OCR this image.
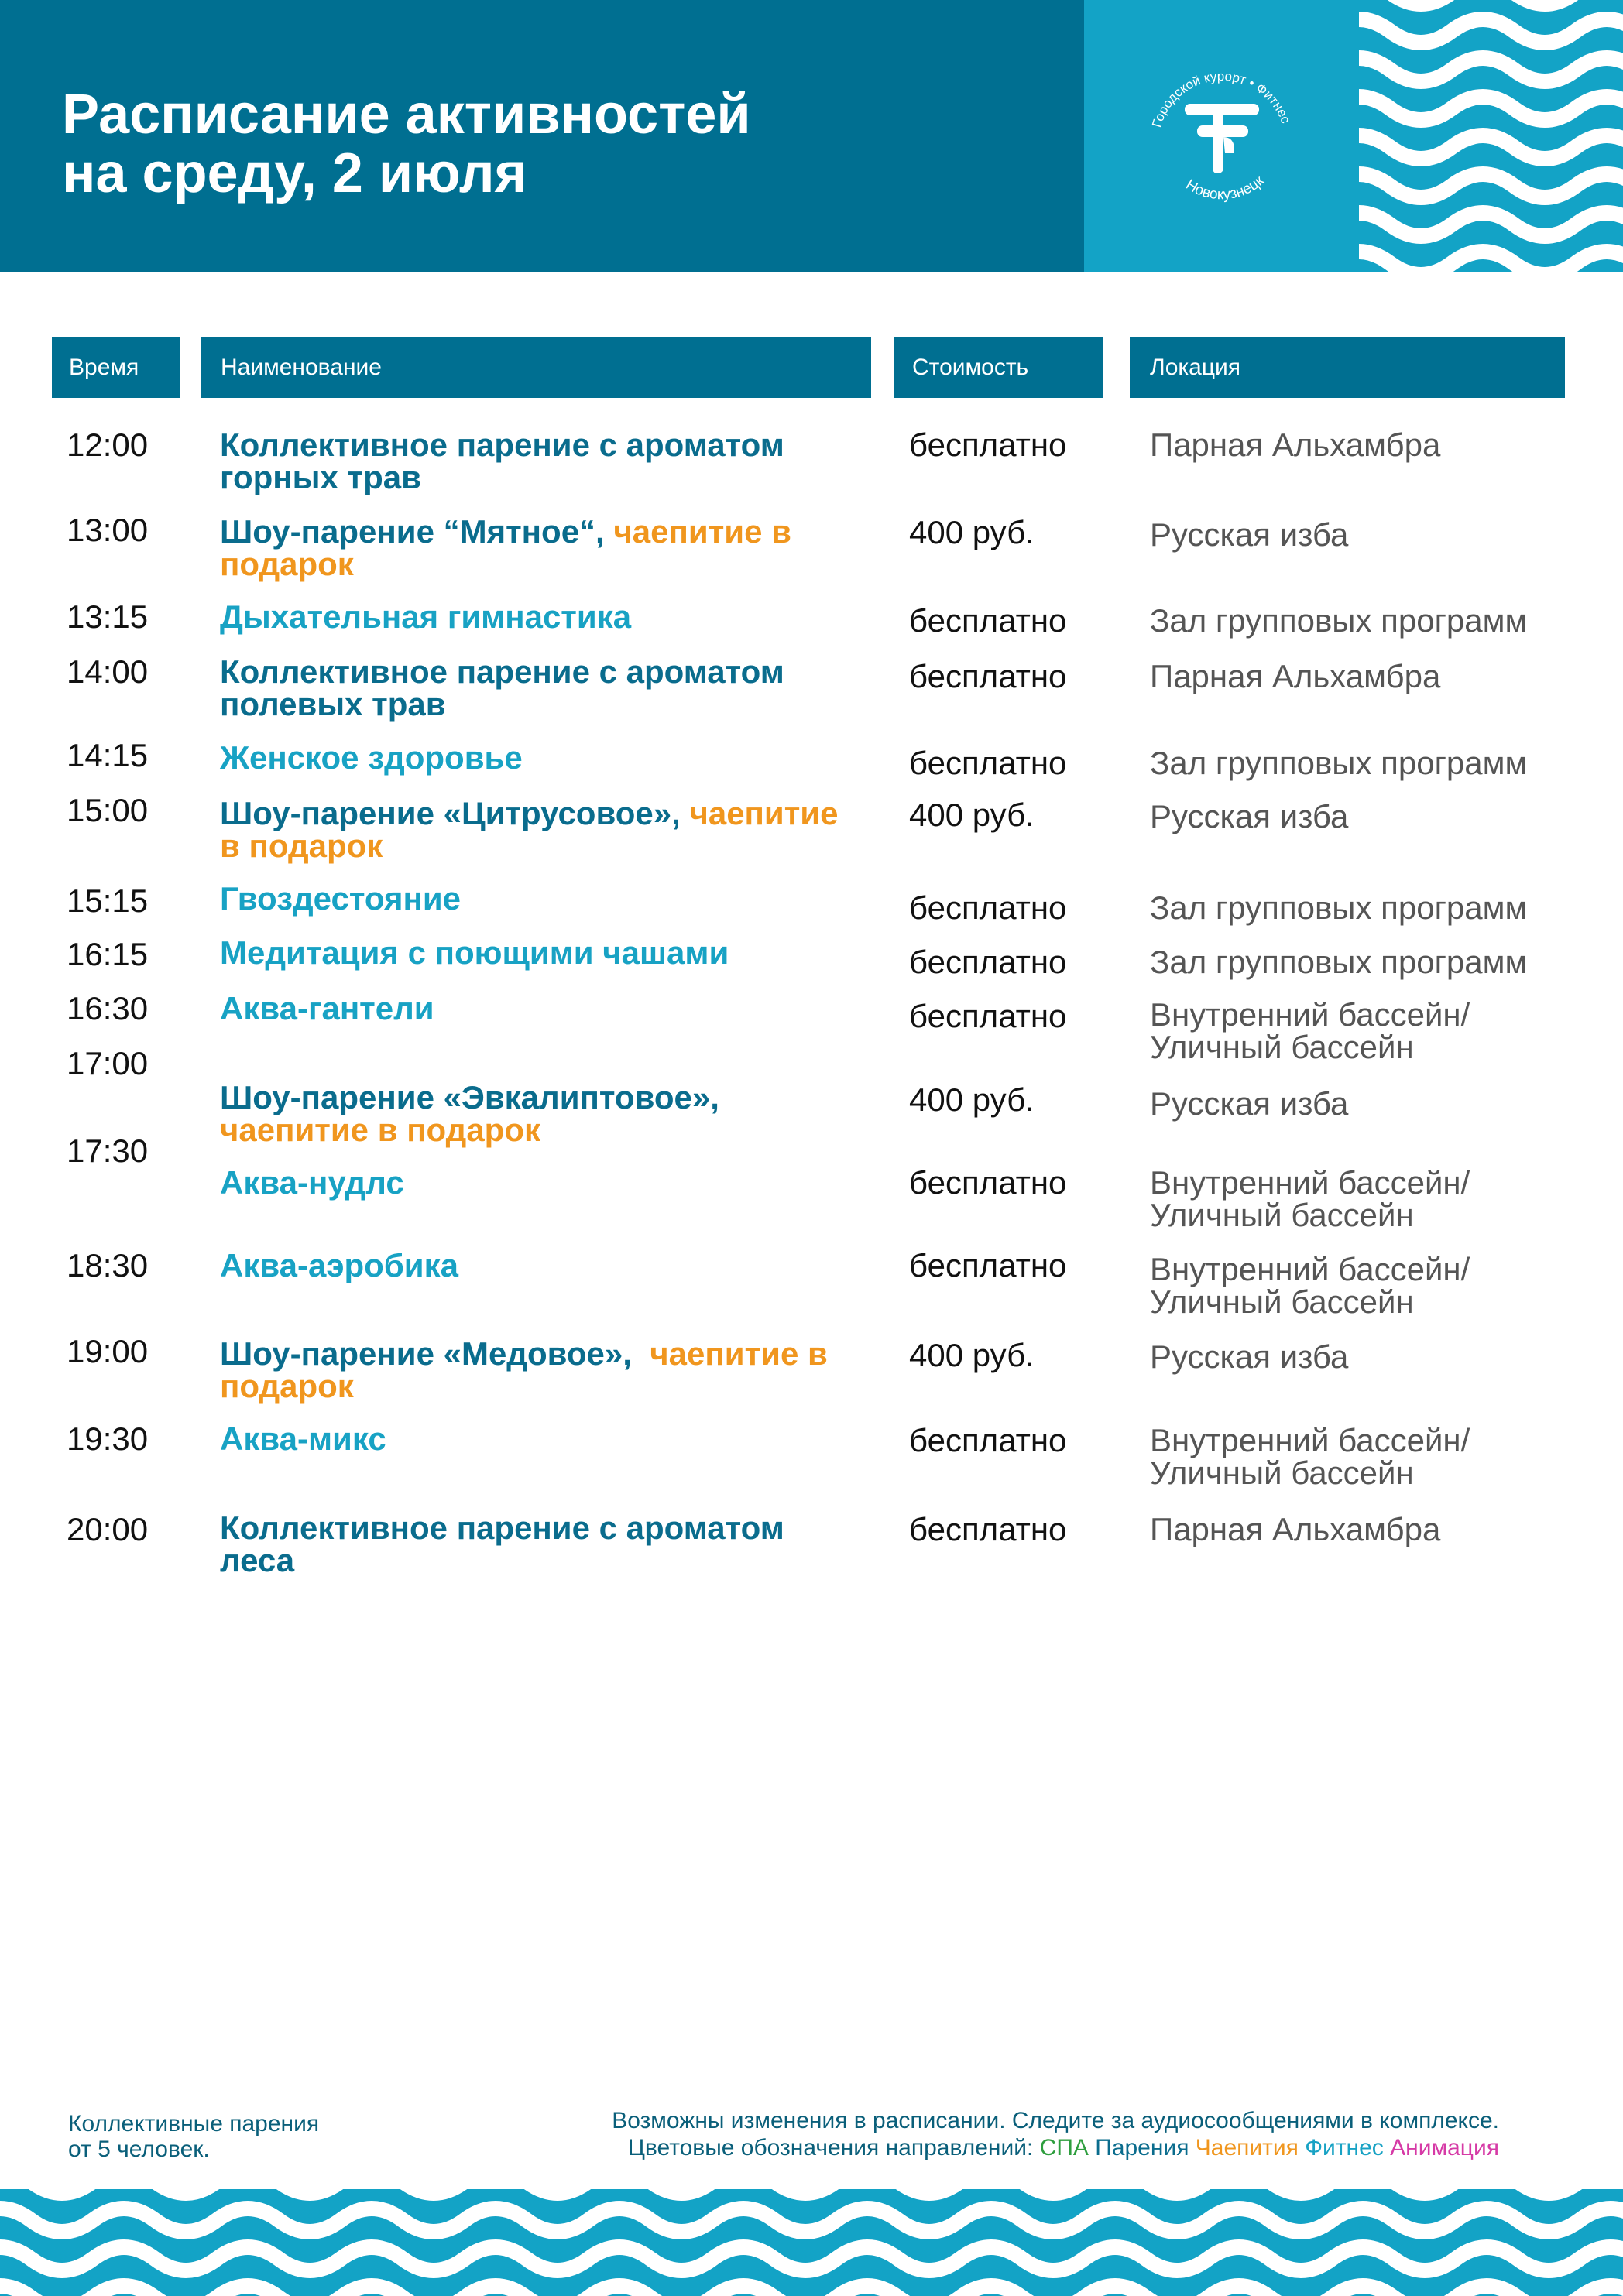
Расписание активностей
на среду, 2 июля
Городской курорт • Фитнес
Новокузнецк
Время	Наименование	Стоимость	Локация
12:00 Коллективное парение с ароматом
горных трав
бесплатно	Парная Альхамбра
13:00 Шоу-парение “Мятное“, чаепитие в
подарок
400 руб.	Русская изба
13:15 Дыхательная гимнастика	бесплатно	Зал групповых программ
14:00 Коллективное парение с ароматом
полевых трав
бесплатно	Парная Альхамбра
14:15 Женское здоровье	бесплатно	Зал групповых программ
15:00 Шоу-парение «Цитрусовое», чаепитие
в подарок
400 руб.	Русская изба
15:15 Гвоздестояние	бесплатно	Зал групповых программ
16:15 Медитация с поющими чашами	бесплатно	Зал групповых программ
16:30 Аква-гантели	бесплатно	Внутренний бассейн/
Уличный бассейн
17:00
Шоу-парение «Эвкалиптовое»,
чаепитие в подарок
400 руб.	Русская изба
17:30
Аква-нудлс	бесплатно	Внутренний бассейн/
Уличный бассейн
18:30 Аква-аэробика	бесплатно	Внутренний бассейн/
Уличный бассейн
19:00 Шоу-парение «Медовое», чаепитие в
подарок
400 руб.	Русская изба
19:30 Аква-микс	бесплатно	Внутренний бассейн/
Уличный бассейн
20:00 Коллективное парение с ароматом
леса
бесплатно	Парная Альхамбра
Коллективные парения
от 5 человек.
Возможны изменения в расписании. Следите за аудиосообщениями в комплексе.
Цветовые обозначения направлений: СПА Парения Чаепития Фитнес Анимация
